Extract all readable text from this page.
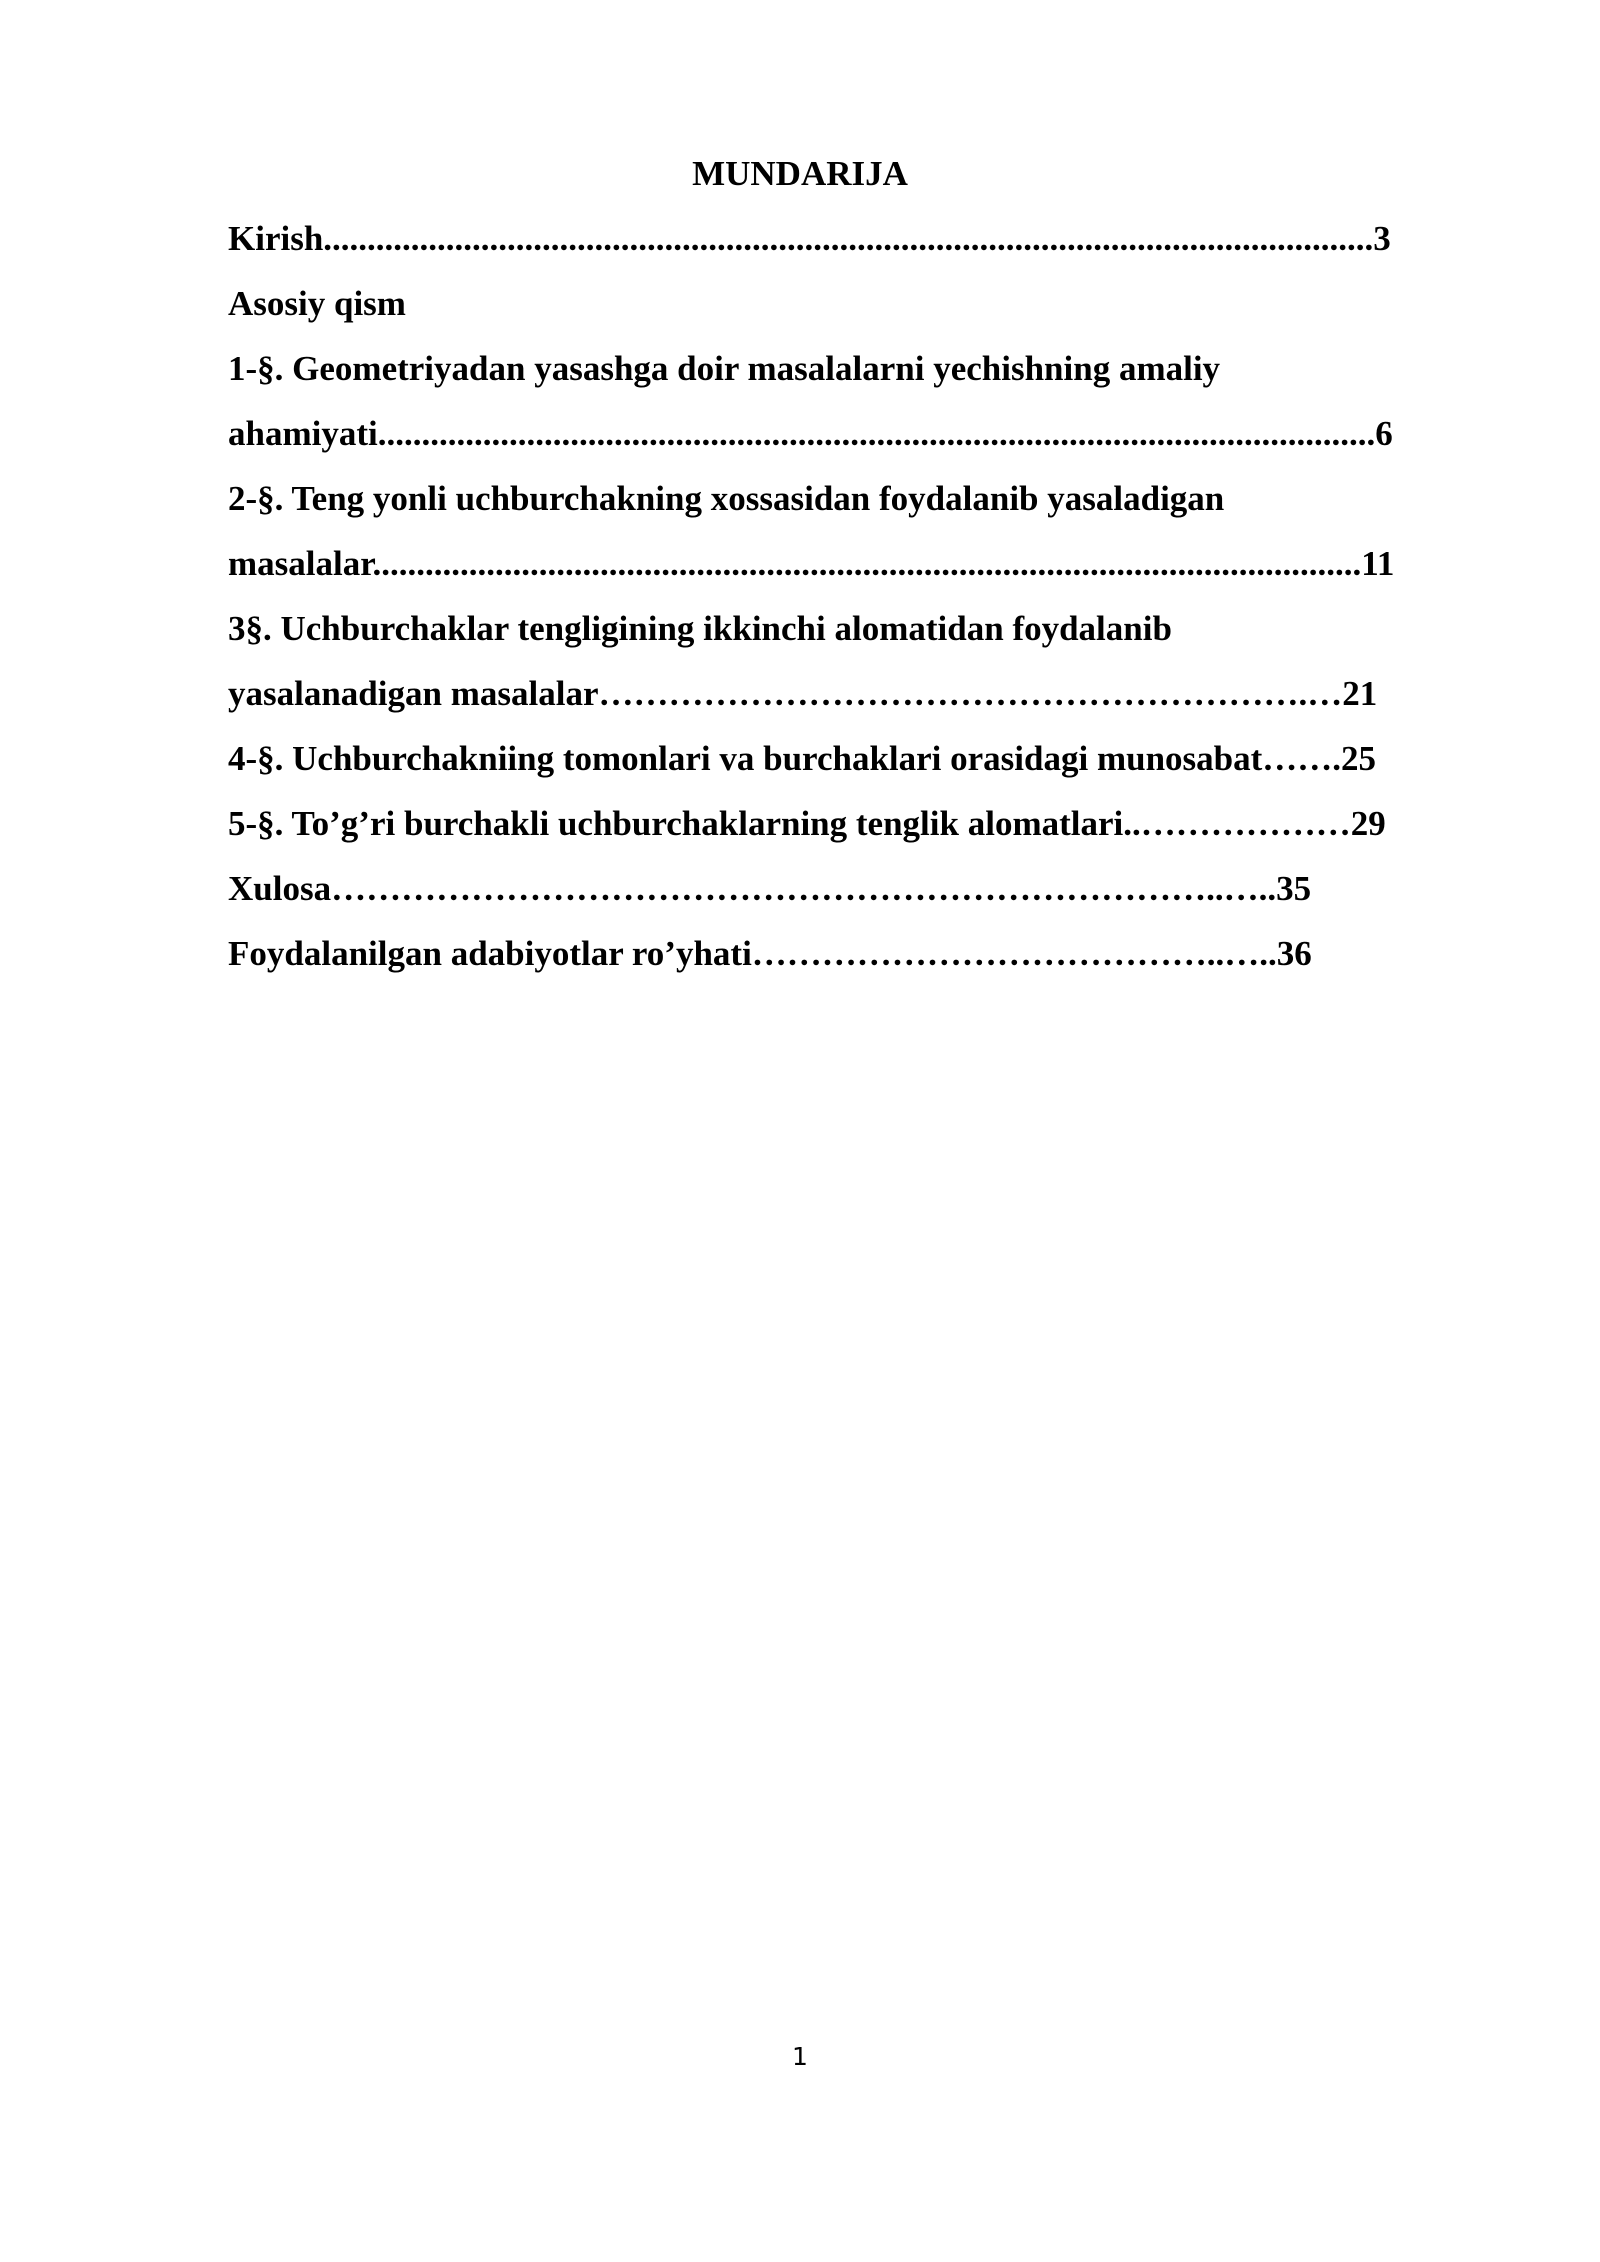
MUNDARIJA
Kirish........................................................................................................................3
Asosiy qism
1-§. Geometriyadan yasashga doir masalalarni yechishning amaliy
ahamiyati..................................................................................................................6
2-§. Teng yonli uchburchakning xossasidan foydalanib yasaladigan
masalalar.................................................................................................................11
3§. Uchburchaklar tengligining ikkinchi alomatidan foydalanib
yasalanadigan masalalar…………………………………………………….…21
4-§. Uchburchakniing tomonlari va burchaklari orasidagi munosabat…….25
5-§. To’g’ri burchakli uchburchaklarning tenglik alomatlari..………………29
Xulosa…………………………………………………………………..…..35
Foydalanilgan adabiyotlar ro’yhati…………………………………..…..36
1
